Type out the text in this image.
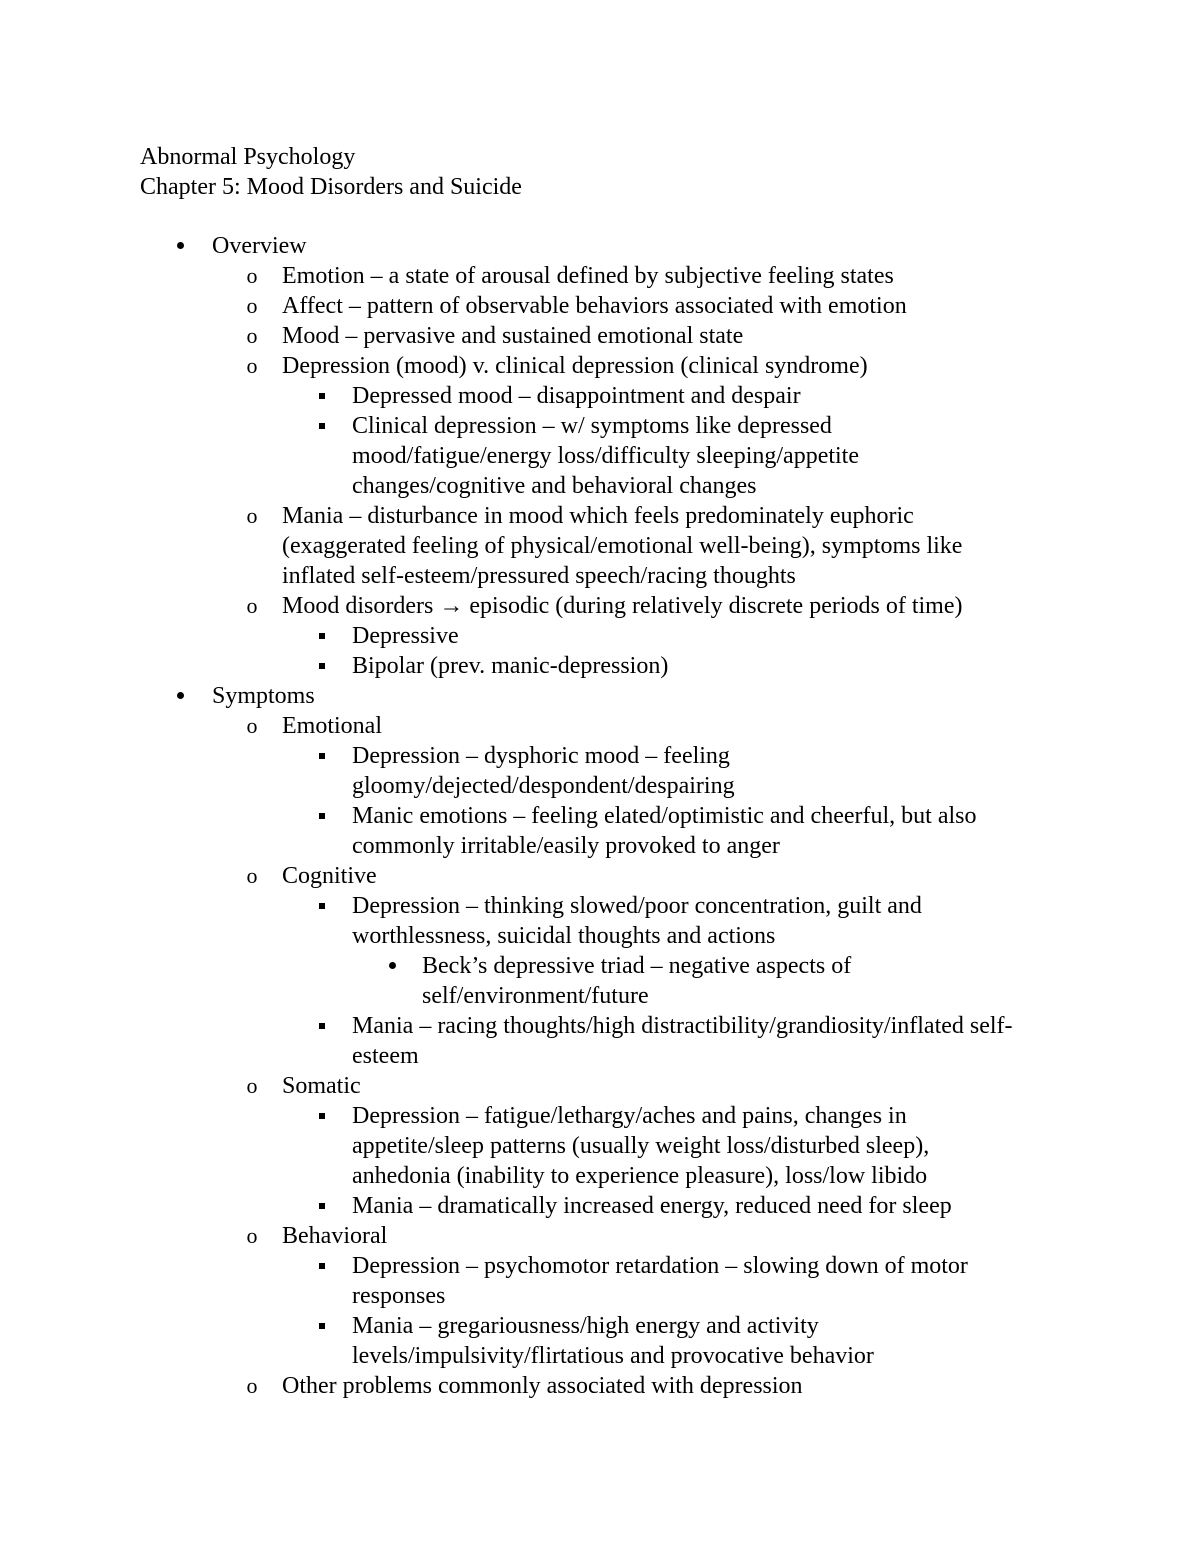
Abnormal Psychology
Chapter 5: Mood Disorders and Suicide
Overview
o Emotion – a state of arousal defined by subjective feeling states
o Affect – pattern of observable behaviors associated with emotion
o Mood – pervasive and sustained emotional state
o Depression (mood) v. clinical depression (clinical syndrome)
Depressed mood – disappointment and despair
Clinical depression – w/ symptoms like depressed
mood/fatigue/energy loss/difficulty sleeping/appetite
changes/cognitive and behavioral changes
o Mania – disturbance in mood which feels predominately euphoric
(exaggerated feeling of physical/emotional well-being), symptoms like
inflated self-esteem/pressured speech/racing thoughts
o Mood disorders → episodic (during relatively discrete periods of time)
Depressive
Bipolar (prev. manic-depression)
Symptoms
o Emotional
Depression – dysphoric mood – feeling
gloomy/dejected/despondent/despairing
Manic emotions – feeling elated/optimistic and cheerful, but also
commonly irritable/easily provoked to anger
o Cognitive
Depression – thinking slowed/poor concentration, guilt and
worthlessness, suicidal thoughts and actions
Beck’s depressive triad – negative aspects of
self/environment/future
Mania – racing thoughts/high distractibility/grandiosity/inflated self-
esteem
o Somatic
Depression – fatigue/lethargy/aches and pains, changes in
appetite/sleep patterns (usually weight loss/disturbed sleep),
anhedonia (inability to experience pleasure), loss/low libido
Mania – dramatically increased energy, reduced need for sleep
o Behavioral
Depression – psychomotor retardation – slowing down of motor
responses
Mania – gregariousness/high energy and activity
levels/impulsivity/flirtatious and provocative behavior
o Other problems commonly associated with depression
